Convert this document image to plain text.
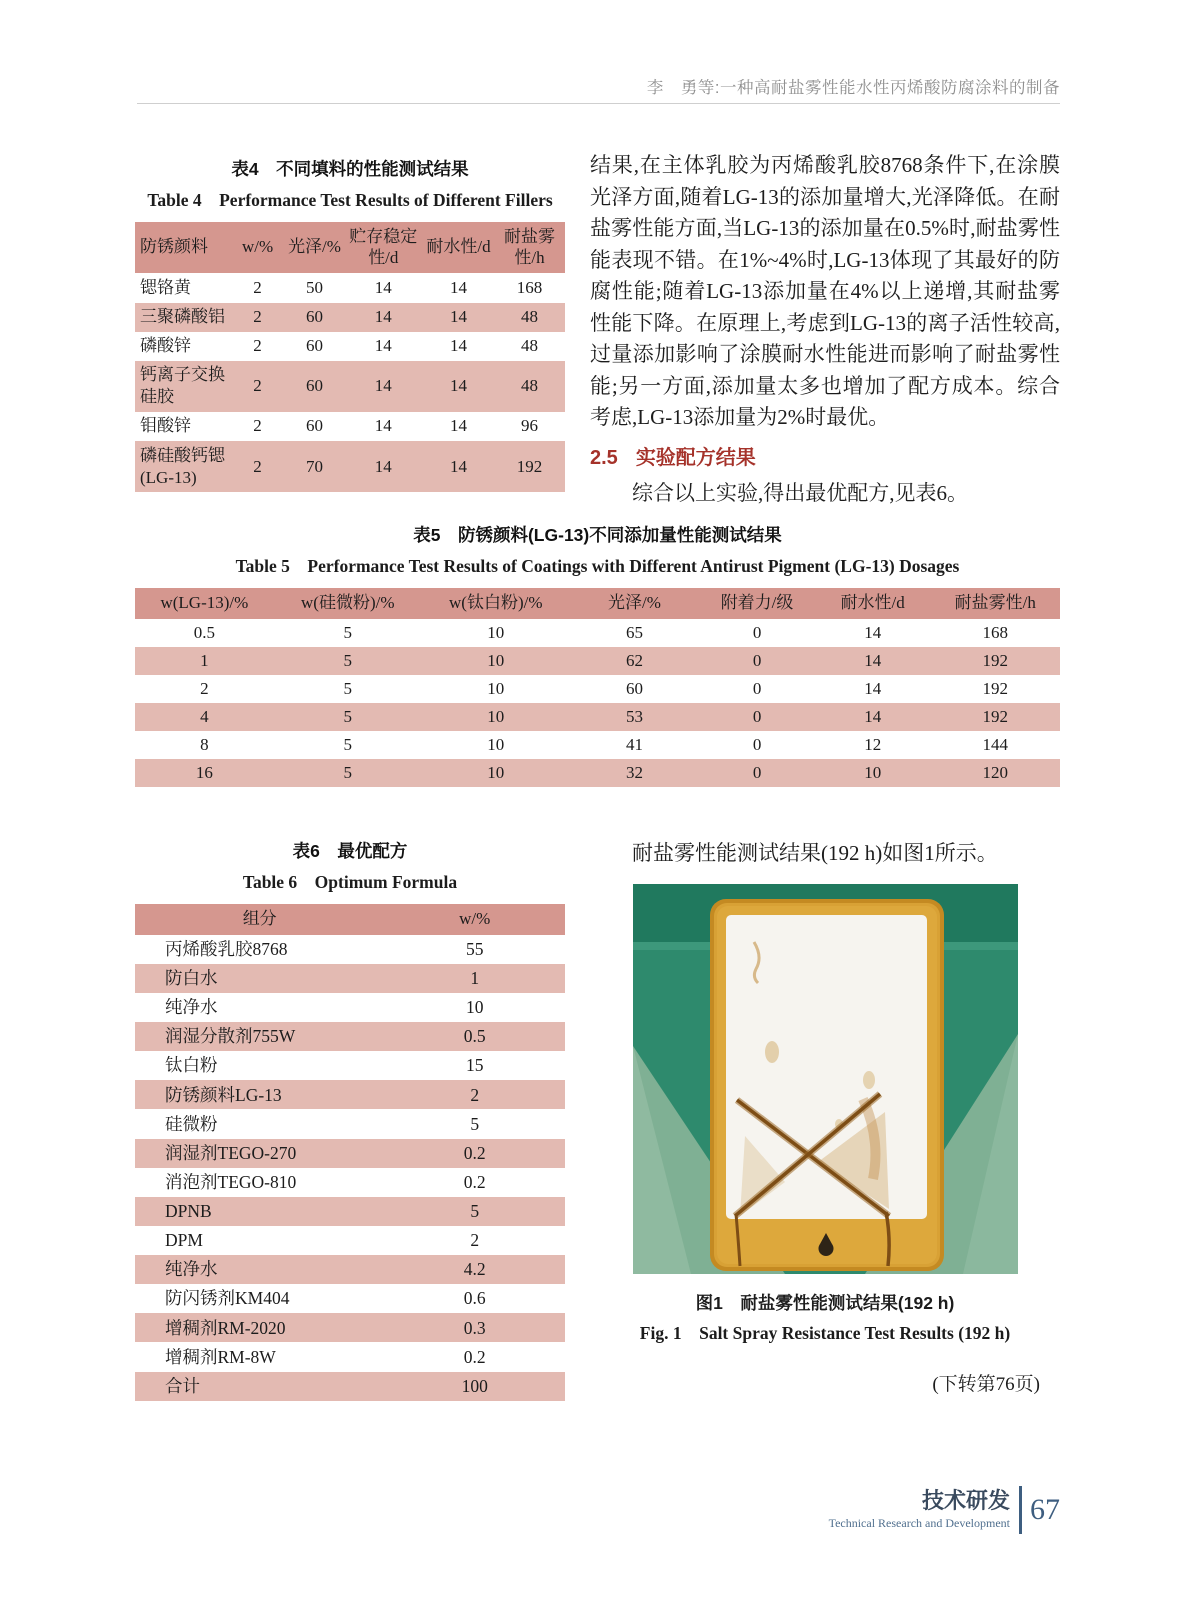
李　勇等:一种高耐盐雾性能水性丙烯酸防腐涂料的制备
表4　不同填料的性能测试结果
Table 4　Performance Test Results of Different Fillers
防锈颜料	w/%	光泽/%	贮存稳定性/d	耐水性/d	耐盐雾性/h
锶铬黄	2	50	14	14	168
三聚磷酸铝	2	60	14	14	48
磷酸锌	2	60	14	14	48
钙离子交换硅胶	2	60	14	14	48
钼酸锌	2	60	14	14	96
磷硅酸钙锶(LG-13)	2	70	14	14	192

结果,在主体乳胶为丙烯酸乳胶8768条件下,在涂膜光泽方面,随着LG-13的添加量增大,光泽降低。在耐盐雾性能方面,当LG-13的添加量在0.5%时,耐盐雾性能表现不错。在1%~4%时,LG-13体现了其最好的防腐性能;随着LG-13添加量在4%以上递增,其耐盐雾性能下降。在原理上,考虑到LG-13的离子活性较高,过量添加影响了涂膜耐水性能进而影响了耐盐雾性能;另一方面,添加量太多也增加了配方成本。综合考虑,LG-13添加量为2%时最优。

2.5 实验配方结果

综合以上实验,得出最优配方,见表6。

表5　防锈颜料(LG-13)不同添加量性能测试结果
Table 5　Performance Test Results of Coatings with Different Antirust Pigment (LG-13) Dosages
w(LG-13)/%	w(硅微粉)/%	w(钛白粉)/%	光泽/%	附着力/级	耐水性/d	耐盐雾性/h
0.5	5	10	65	0	14	168
1	5	10	62	0	14	192
2	5	10	60	0	14	192
4	5	10	53	0	14	192
8	5	10	41	0	12	144
16	5	10	32	0	10	120
表6　最优配方
Table 6　Optimum Formula
组分	w/%
丙烯酸乳胶8768	55
防白水	1
纯净水	10
润湿分散剂755W	0.5
钛白粉	15
防锈颜料LG-13	2
硅微粉	5
润湿剂TEGO-270	0.2
消泡剂TEGO-810	0.2
DPNB	5
DPM	2
纯净水	4.2
防闪锈剂KM404	0.6
增稠剂RM-2020	0.3
增稠剂RM-8W	0.2
合计	100

耐盐雾性能测试结果(192 h)如图1所示。

图1　耐盐雾性能测试结果(192 h)
Fig. 1　Salt Spray Resistance Test Results (192 h)
(下转第76页)
技术研发
Technical Research and Development 67
